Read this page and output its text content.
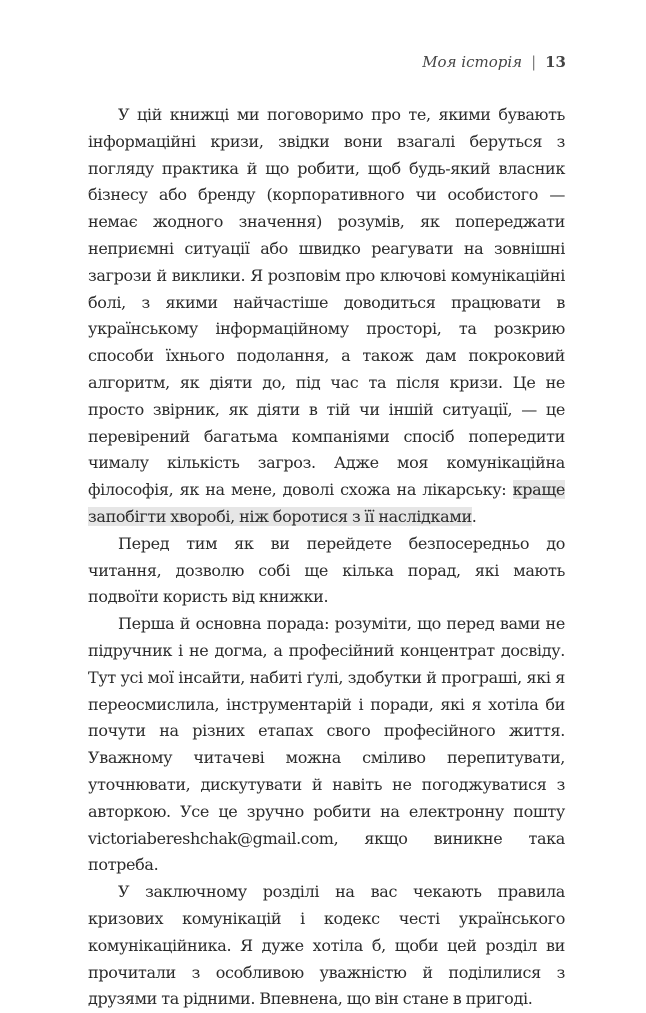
Моя історія | 13

У цій книжці ми поговоримо про те, якими бувають інформаційні кризи, звідки вони взагалі беруться з погляду практика й що робити, щоб будь-який власник бізнесу або бренду (корпоративного чи особистого — немає жодного значення) розумів, як попереджати неприємні ситуації або швидко реагувати на зовнішні загрози й виклики. Я розповім про ключові комунікаційні болі, з якими найчастіше доводиться працювати в українському інформаційному просторі, та розкрию способи їхнього подолання, а також дам покроковий алгоритм, як діяти до, під час та після кризи. Це не просто звірник, як діяти в тій чи іншій ситуації, — це перевірений багатьма компаніями спосіб попередити чималу кількість загроз. Адже моя комунікаційна філософія, як на мене, доволі схожа на лікарську: краще запобігти хворобі, ніж боротися з її наслідками.

Перед тим як ви перейдете безпосередньо до читання, дозволю собі ще кілька порад, які мають подвоїти користь від книжки.

Перша й основна порада: розуміти, що перед вами не підручник і не догма, а професійний концентрат досвіду. Тут усі мої інсайти, набиті ґулі, здобутки й програші, які я переосмислила, інструментарій і поради, які я хотіла би почути на різних етапах свого професійного життя. Уважному читачеві можна сміливо перепитувати, уточнювати, дискутувати й навіть не погоджуватися з авторкою. Усе це зручно робити на електронну пошту victoriabereshchak@gmail.com, якщо виникне така потреба.

У заключному розділі на вас чекають правила кризових комунікацій і кодекс честі українського комунікаційника. Я дуже хотіла б, щоби цей розділ ви прочитали з особливою уважністю й поділилися з друзями та рідними. Впевнена, що він стане в пригоді.
